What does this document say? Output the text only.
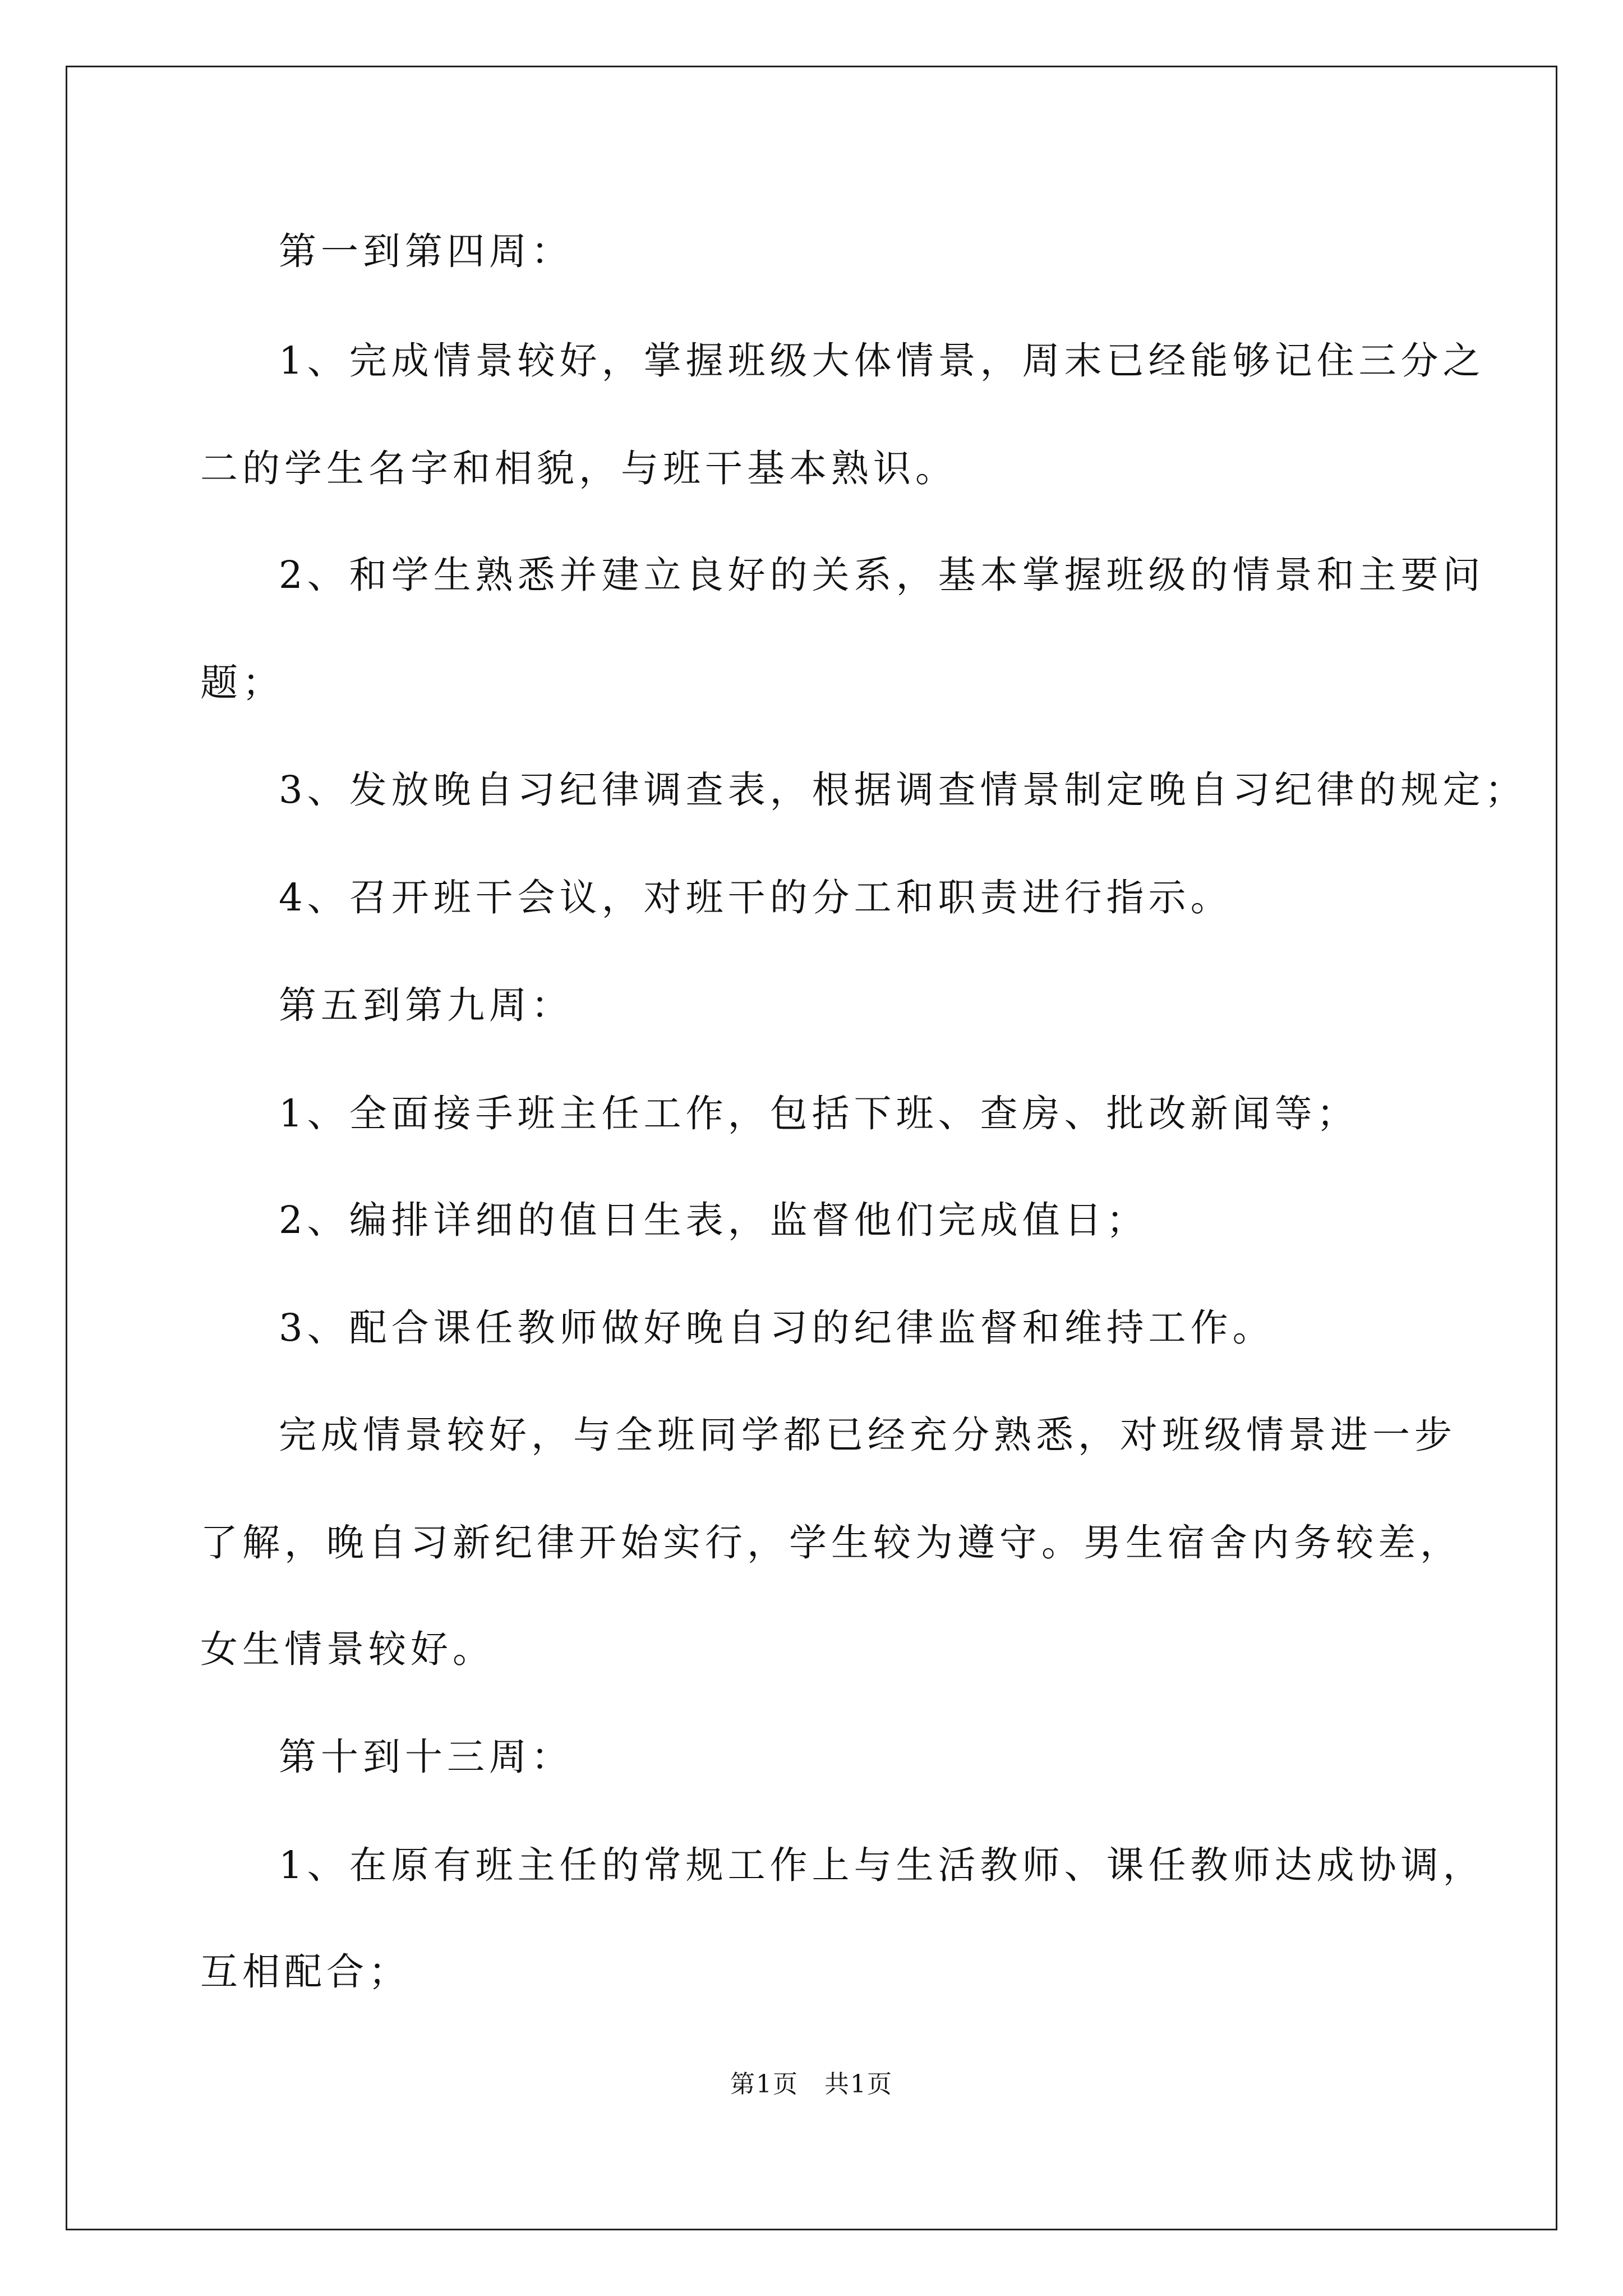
第一到第四周：
1、完成情景较好，掌握班级大体情景，周末已经能够记住三分之
二的学生名字和相貌，与班干基本熟识。
2、和学生熟悉并建立良好的关系，基本掌握班级的情景和主要问
题；
3、发放晚自习纪律调查表，根据调查情景制定晚自习纪律的规定；
4、召开班干会议，对班干的分工和职责进行指示。
第五到第九周：
1、全面接手班主任工作，包括下班、查房、批改新闻等；
2、编排详细的值日生表，监督他们完成值日；
3、配合课任教师做好晚自习的纪律监督和维持工作。
完成情景较好，与全班同学都已经充分熟悉，对班级情景进一步
了解，晚自习新纪律开始实行，学生较为遵守。男生宿舍内务较差，
女生情景较好。
第十到十三周：
1、在原有班主任的常规工作上与生活教师、课任教师达成协调，
互相配合；
第1页　共1页
